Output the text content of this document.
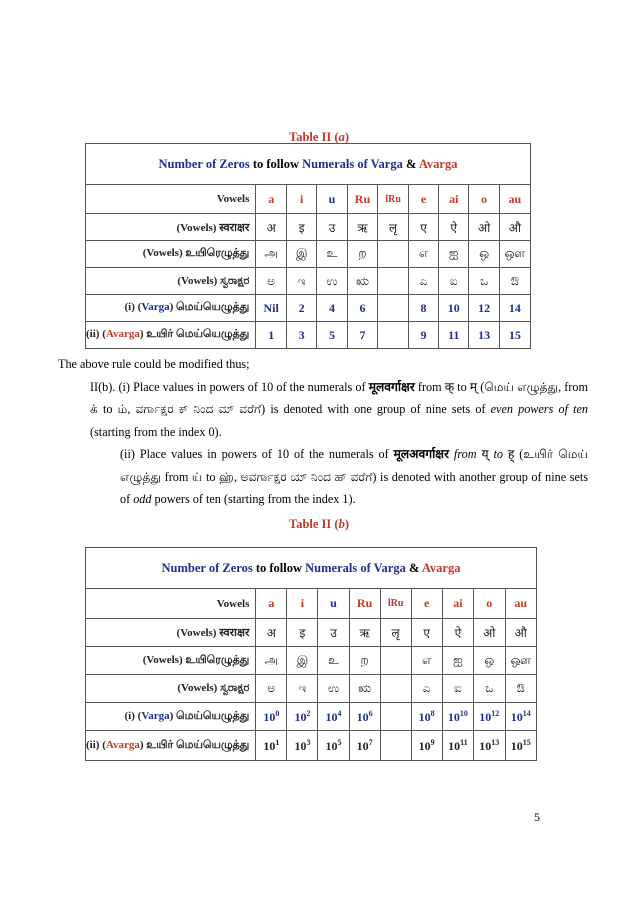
Table II (a)
Number of Zeros to follow Numerals of Varga & Avarga									
Vowels	a	i	u	Ru	lRu	e	ai	o	au
(Vowels) स्वराक्षर	अ	इ	उ	ऋ	लृ	ए	ऐ	ओ	औ
(Vowels) உயிரெழுத்து	அ	இ	உ	ற		எ	ஐ	ஒ	ஔ
(Vowels) ಸ್ವರಾಕ್ಷರ	ಅ	ಇ	ಉ	ಋ		ಎ	ಐ	ಒ	ಔ
(i) (Varga) மெய்யெழுத்து	Nil	2	4	6		8	10	12	14
(ii) (Avarga) உயிர் மெய்யெழுத்து	1	3	5	7		9	11	13	15

The above rule could be modified thus;

II(b). (i) Place values in powers of 10 of the numerals of मूलवर्गाक्षर from क् to म् (மெய் எழுத்து, from க் to ம், ವರ್ಗಾಕ್ಷರ ಕ್ ನಿಂದ ಮ್ ವರೆಗೆ) is denoted with one group of nine sets of even powers of ten (starting from the index 0).

(ii) Place values in powers of 10 of the numerals of मूलअवर्गाक्षर from य् to ह् (உயிர் மெய் எழுத்து from ய் to ஹ், ಅವರ್ಗಾಕ್ಷರ ಯ್ ನಿಂದ ಹ್ ವರೆಗೆ) is denoted with another group of nine sets of odd powers of ten (starting from the index 1).

Table II (b)
Number of Zeros to follow Numerals of Varga & Avarga									
Vowels	a	i	u	Ru	lRu	e	ai	o	au
(Vowels) स्वराक्षर	अ	इ	उ	ऋ	लृ	ए	ऐ	ओ	औ
(Vowels) உயிரெழுத்து	அ	இ	உ	ற		எ	ஐ	ஒ	ஔ
(Vowels) ಸ್ವರಾಕ್ಷರ	ಅ	ಇ	ಉ	ಋ		ಎ	ಐ	ಒ	ಔ
(i) (Varga) மெய்யெழுத்து	$10^0$	$10^2$	$10^4$	$10^6$		$10^8$	$10^{10}$	$10^{12}$	$10^{14}$
(ii) (Avarga) உயிர் மெய்யெழுத்து	$10^1$	$10^3$	$10^5$	$10^7$		$10^9$	$10^{11}$	$10^{13}$	$10^{15}$
5
